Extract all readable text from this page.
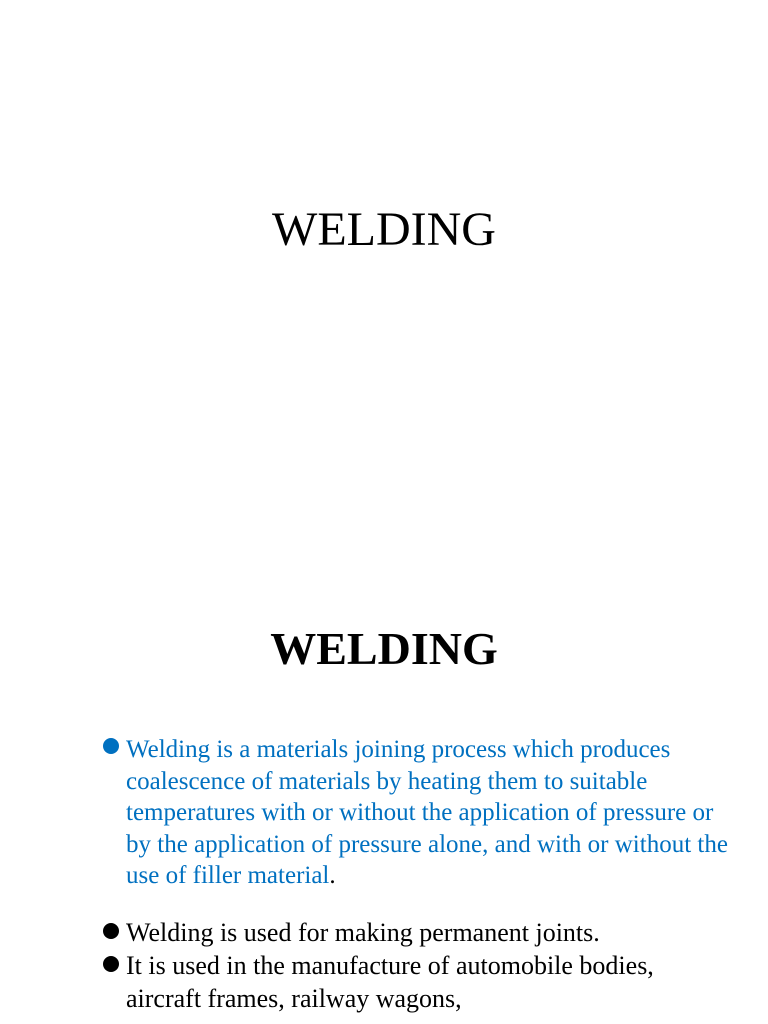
WELDING
WELDING
Welding is a materials joining process which produces coalescence of materials by heating them to suitable temperatures with or without the application of pressure or by the application of pressure alone, and with or without the use of filler material.
Welding is used for making permanent joints.
It is used in the manufacture of automobile bodies, aircraft frames, railway wagons,
